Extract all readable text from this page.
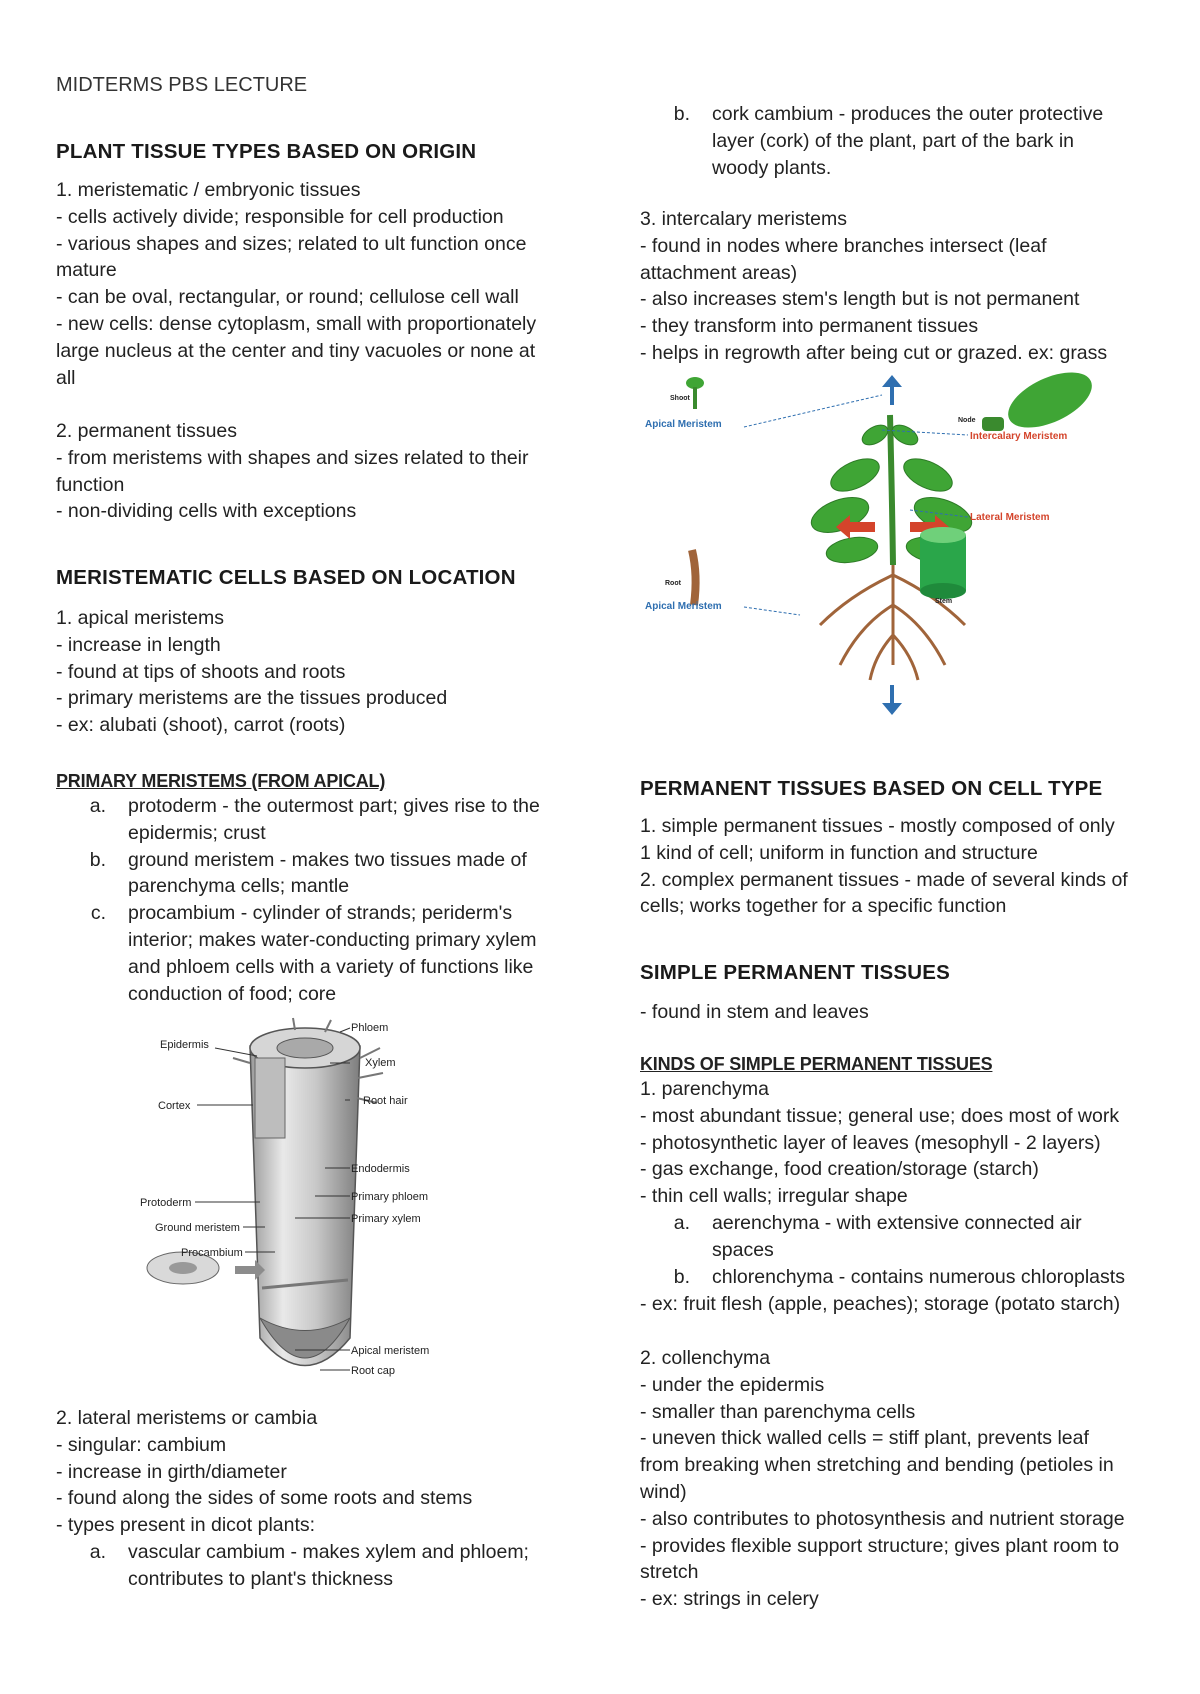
MIDTERMS PBS LECTURE
PLANT TISSUE TYPES BASED ON ORIGIN
1. meristematic / embryonic tissues
- cells actively divide; responsible for cell production
- various shapes and sizes; related to ult function once
mature
- can be oval, rectangular, or round; cellulose cell wall
- new cells: dense cytoplasm, small with proportionately
large nucleus at the center and tiny vacuoles or none at
all
2. permanent tissues
- from meristems with shapes and sizes related to their
function
- non-dividing cells with exceptions
MERISTEMATIC CELLS BASED ON LOCATION
1. apical meristems
- increase in length
- found at tips of shoots and roots
- primary meristems are the tissues produced
- ex: alubati (shoot), carrot (roots)
PRIMARY MERISTEMS (FROM APICAL)
a.	protoderm - the outermost part; gives rise to the
epidermis; crust
b.	ground meristem - makes two tissues made of
parenchyma cells; mantle
c.	procambium - cylinder of strands; periderm's
interior; makes water-conducting primary xylem
and phloem cells with a variety of functions like
conduction of food; core
Phloem
Epidermis
Xylem
Cortex	Root hair
Endodermis
Primary phloem
Protoderm
Primary xylem
Ground meristem
Procambium
Apical meristem
Root cap
2. lateral meristems or cambia
- singular: cambium
- increase in girth/diameter
- found along the sides of some roots and stems
- types present in dicot plants:
a.	vascular cambium - makes xylem and phloem;
contributes to plant's thickness
b.	cork cambium - produces the outer protective
layer (cork) of the plant, part of the bark in
woody plants.
3. intercalary meristems
- found in nodes where branches intersect (leaf
attachment areas)
- also increases stem's length but is not permanent
- they transform into permanent tissues
- helps in regrowth after being cut or grazed. ex: grass
Apical Meristem
Shoot
Node
Intercalary Meristem
Lateral Meristem
Root
Apical Meristem	Stem
PERMANENT TISSUES BASED ON CELL TYPE
1. simple permanent tissues - mostly composed of only
1 kind of cell; uniform in function and structure
2. complex permanent tissues - made of several kinds of
cells; works together for a specific function
SIMPLE PERMANENT TISSUES
- found in stem and leaves
KINDS OF SIMPLE PERMANENT TISSUES
1. parenchyma
- most abundant tissue; general use; does most of work
- photosynthetic layer of leaves (mesophyll - 2 layers)
- gas exchange, food creation/storage (starch)
- thin cell walls; irregular shape
a.	aerenchyma - with extensive connected air
spaces
b.	chlorenchyma - contains numerous chloroplasts
- ex: fruit flesh (apple, peaches); storage (potato starch)
2. collenchyma
- under the epidermis
- smaller than parenchyma cells
- uneven thick walled cells = stiff plant, prevents leaf
from breaking when stretching and bending (petioles in
wind)
- also contributes to photosynthesis and nutrient storage
- provides flexible support structure; gives plant room to
stretch
- ex: strings in celery
